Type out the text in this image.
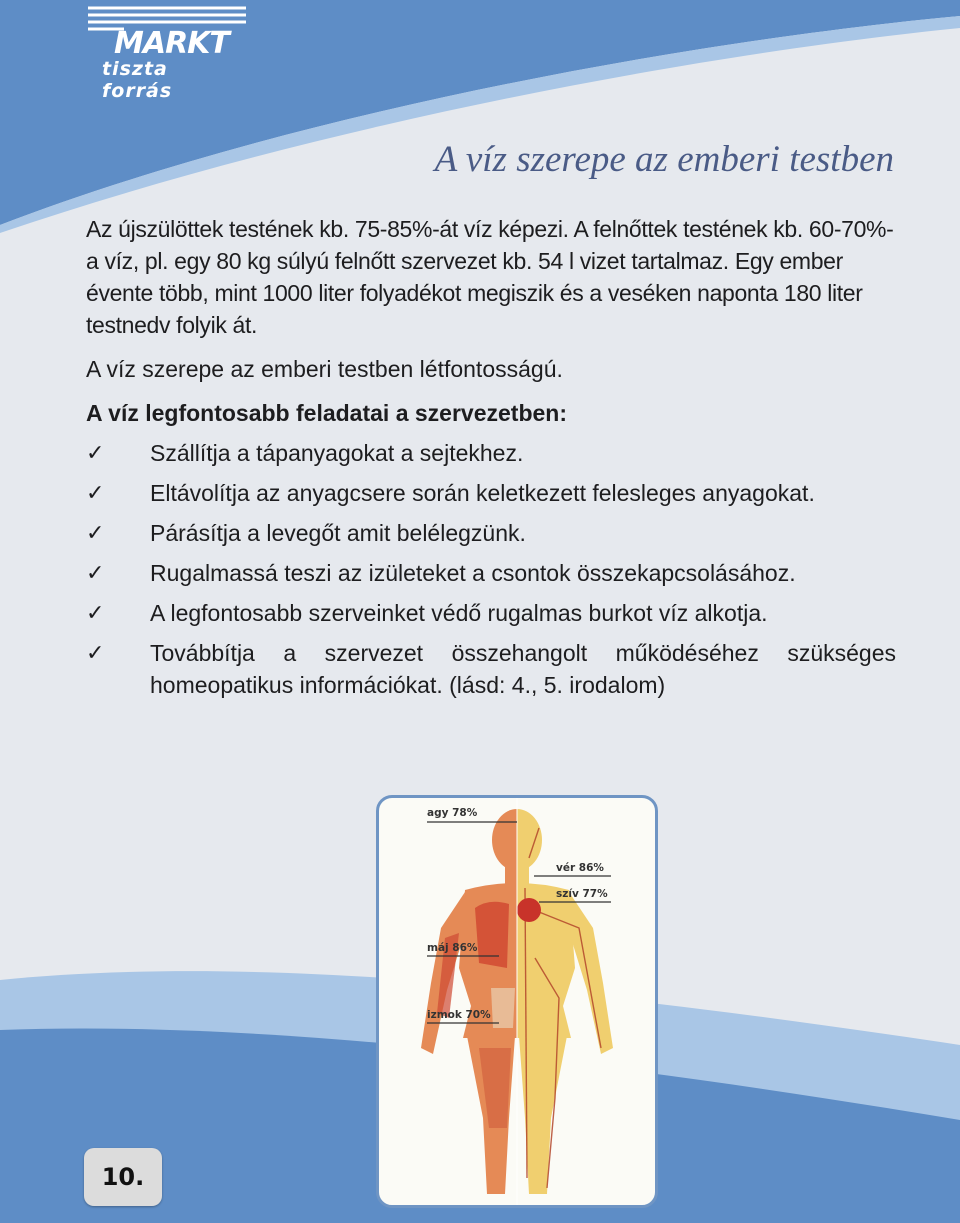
MARKT
tiszta
forrás
A víz szerepe az emberi testben

Az újszülöttek testének kb. 75-85%-át víz képezi. A felnőttek testének kb. 60-70%-a víz, pl. egy 80 kg súlyú felnőtt szervezet kb. 54 l vizet tartalmaz. Egy ember évente több, mint 1000 liter folyadékot megiszik és a veséken naponta 180 liter testnedv folyik át.

A víz szerepe az emberi testben létfontosságú.

A víz legfontosabb feladatai a szervezetben:

✓ Szállítja a tápanyagokat a sejtekhez.
✓ Eltávolítja az anyagcsere során keletkezett felesleges anyagokat.
✓ Párásítja a levegőt amit belélegzünk.
✓ Rugalmassá teszi az izületeket a csontok összekapcsolásához.
✓ A legfontosabb szerveinket védő rugalmas burkot víz alkotja.
✓ Továbbítja a szervezet összehangolt működéséhez szükséges homeopatikus információkat. (lásd: 4., 5. irodalom)
agy 78%
vér 86%
szív 77%
máj 86%
izmok 70%
10.
